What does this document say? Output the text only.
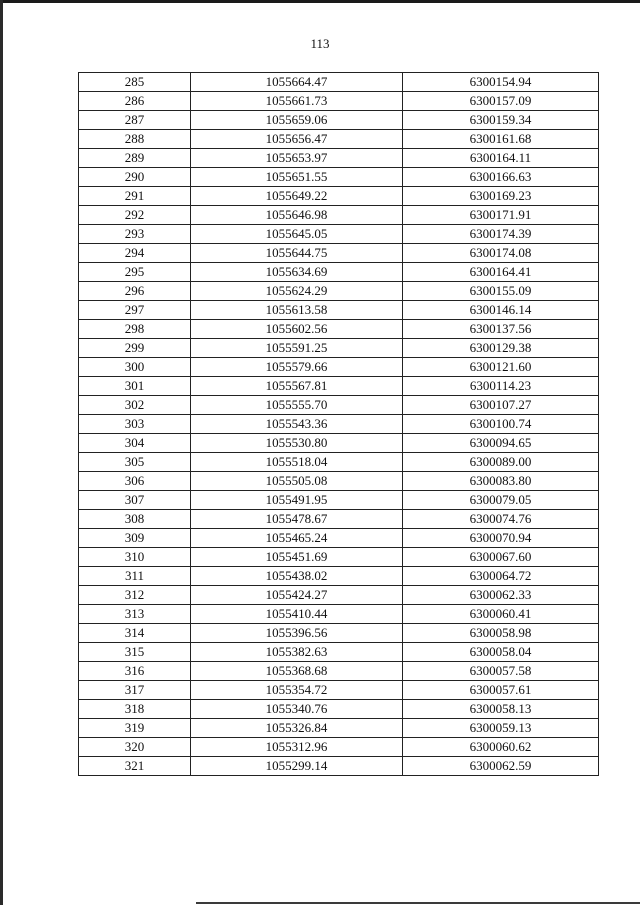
113
285	1055664.47	6300154.94
286	1055661.73	6300157.09
287	1055659.06	6300159.34
288	1055656.47	6300161.68
289	1055653.97	6300164.11
290	1055651.55	6300166.63
291	1055649.22	6300169.23
292	1055646.98	6300171.91
293	1055645.05	6300174.39
294	1055644.75	6300174.08
295	1055634.69	6300164.41
296	1055624.29	6300155.09
297	1055613.58	6300146.14
298	1055602.56	6300137.56
299	1055591.25	6300129.38
300	1055579.66	6300121.60
301	1055567.81	6300114.23
302	1055555.70	6300107.27
303	1055543.36	6300100.74
304	1055530.80	6300094.65
305	1055518.04	6300089.00
306	1055505.08	6300083.80
307	1055491.95	6300079.05
308	1055478.67	6300074.76
309	1055465.24	6300070.94
310	1055451.69	6300067.60
311	1055438.02	6300064.72
312	1055424.27	6300062.33
313	1055410.44	6300060.41
314	1055396.56	6300058.98
315	1055382.63	6300058.04
316	1055368.68	6300057.58
317	1055354.72	6300057.61
318	1055340.76	6300058.13
319	1055326.84	6300059.13
320	1055312.96	6300060.62
321	1055299.14	6300062.59
